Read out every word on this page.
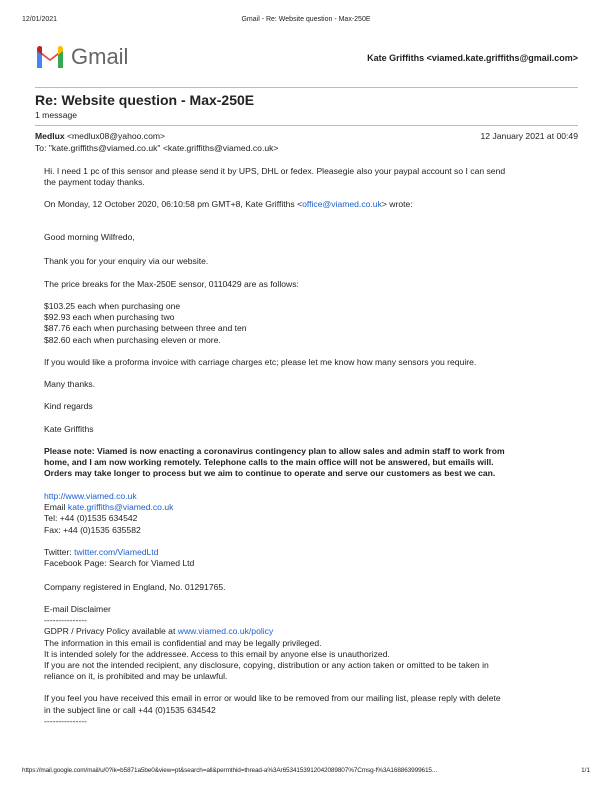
12/01/2021	Gmail - Re: Website question - Max-250E
Gmail	Kate Griffiths <viamed.kate.griffiths@gmail.com>
Re: Website question - Max-250E
1 message
Medlux <medlux08@yahoo.com>	12 January 2021 at 00:49
To: "kate.griffiths@viamed.co.uk" <kate.griffiths@viamed.co.uk>
Hi. I need 1 pc of this sensor and please send it by UPS, DHL or fedex. Pleasegie also your paypal account so I can send
the payment today thanks.
On Monday, 12 October 2020, 06:10:58 pm GMT+8, Kate Griffiths <office@viamed.co.uk> wrote:
Good morning Wilfredo,
Thank you for your enquiry via our website.
The price breaks for the Max-250E sensor, 0110429 are as follows:
$103.25 each when purchasing one
$92.93 each when purchasing two
$87.76 each when purchasing between three and ten
$82.60 each when purchasing eleven or more.
If you would like a proforma invoice with carriage charges etc; please let me know how many sensors you require.
Many thanks.
Kind regards
Kate Griffiths
Please note: Viamed is now enacting a coronavirus contingency plan to allow sales and admin staff to work from
home, and I am now working remotely. Telephone calls to the main office will not be answered, but emails will.
Orders may take longer to process but we aim to continue to operate and serve our customers as best we can.
http://www.viamed.co.uk
Email kate.griffiths@viamed.co.uk
Tel: +44 (0)1535 634542
Fax: +44 (0)1535 635582
Twitter: twitter.com/ViamedLtd
Facebook Page: Search for Viamed Ltd
Company registered in England, No. 01291765.
E-mail Disclaimer
---------------
GDPR / Privacy Policy available at www.viamed.co.uk/policy
The information in this email is confidential and may be legally privileged.
It is intended solely for the addressee. Access to this email by anyone else is unauthorized.
If you are not the intended recipient, any disclosure, copying, distribution or any action taken or omitted to be taken in
reliance on it, is prohibited and may be unlawful.
If you feel you have received this email in error or would like to be removed from our mailing list, please reply with delete
in the subject line or call +44 (0)1535 634542
---------------
https://mail.google.com/mail/u/0?ik=b5871a5be0&view=pt&search=all&permthid=thread-a%3Ar6534153912042089807%7Cmsg-f%3A168863999615...	1/1
